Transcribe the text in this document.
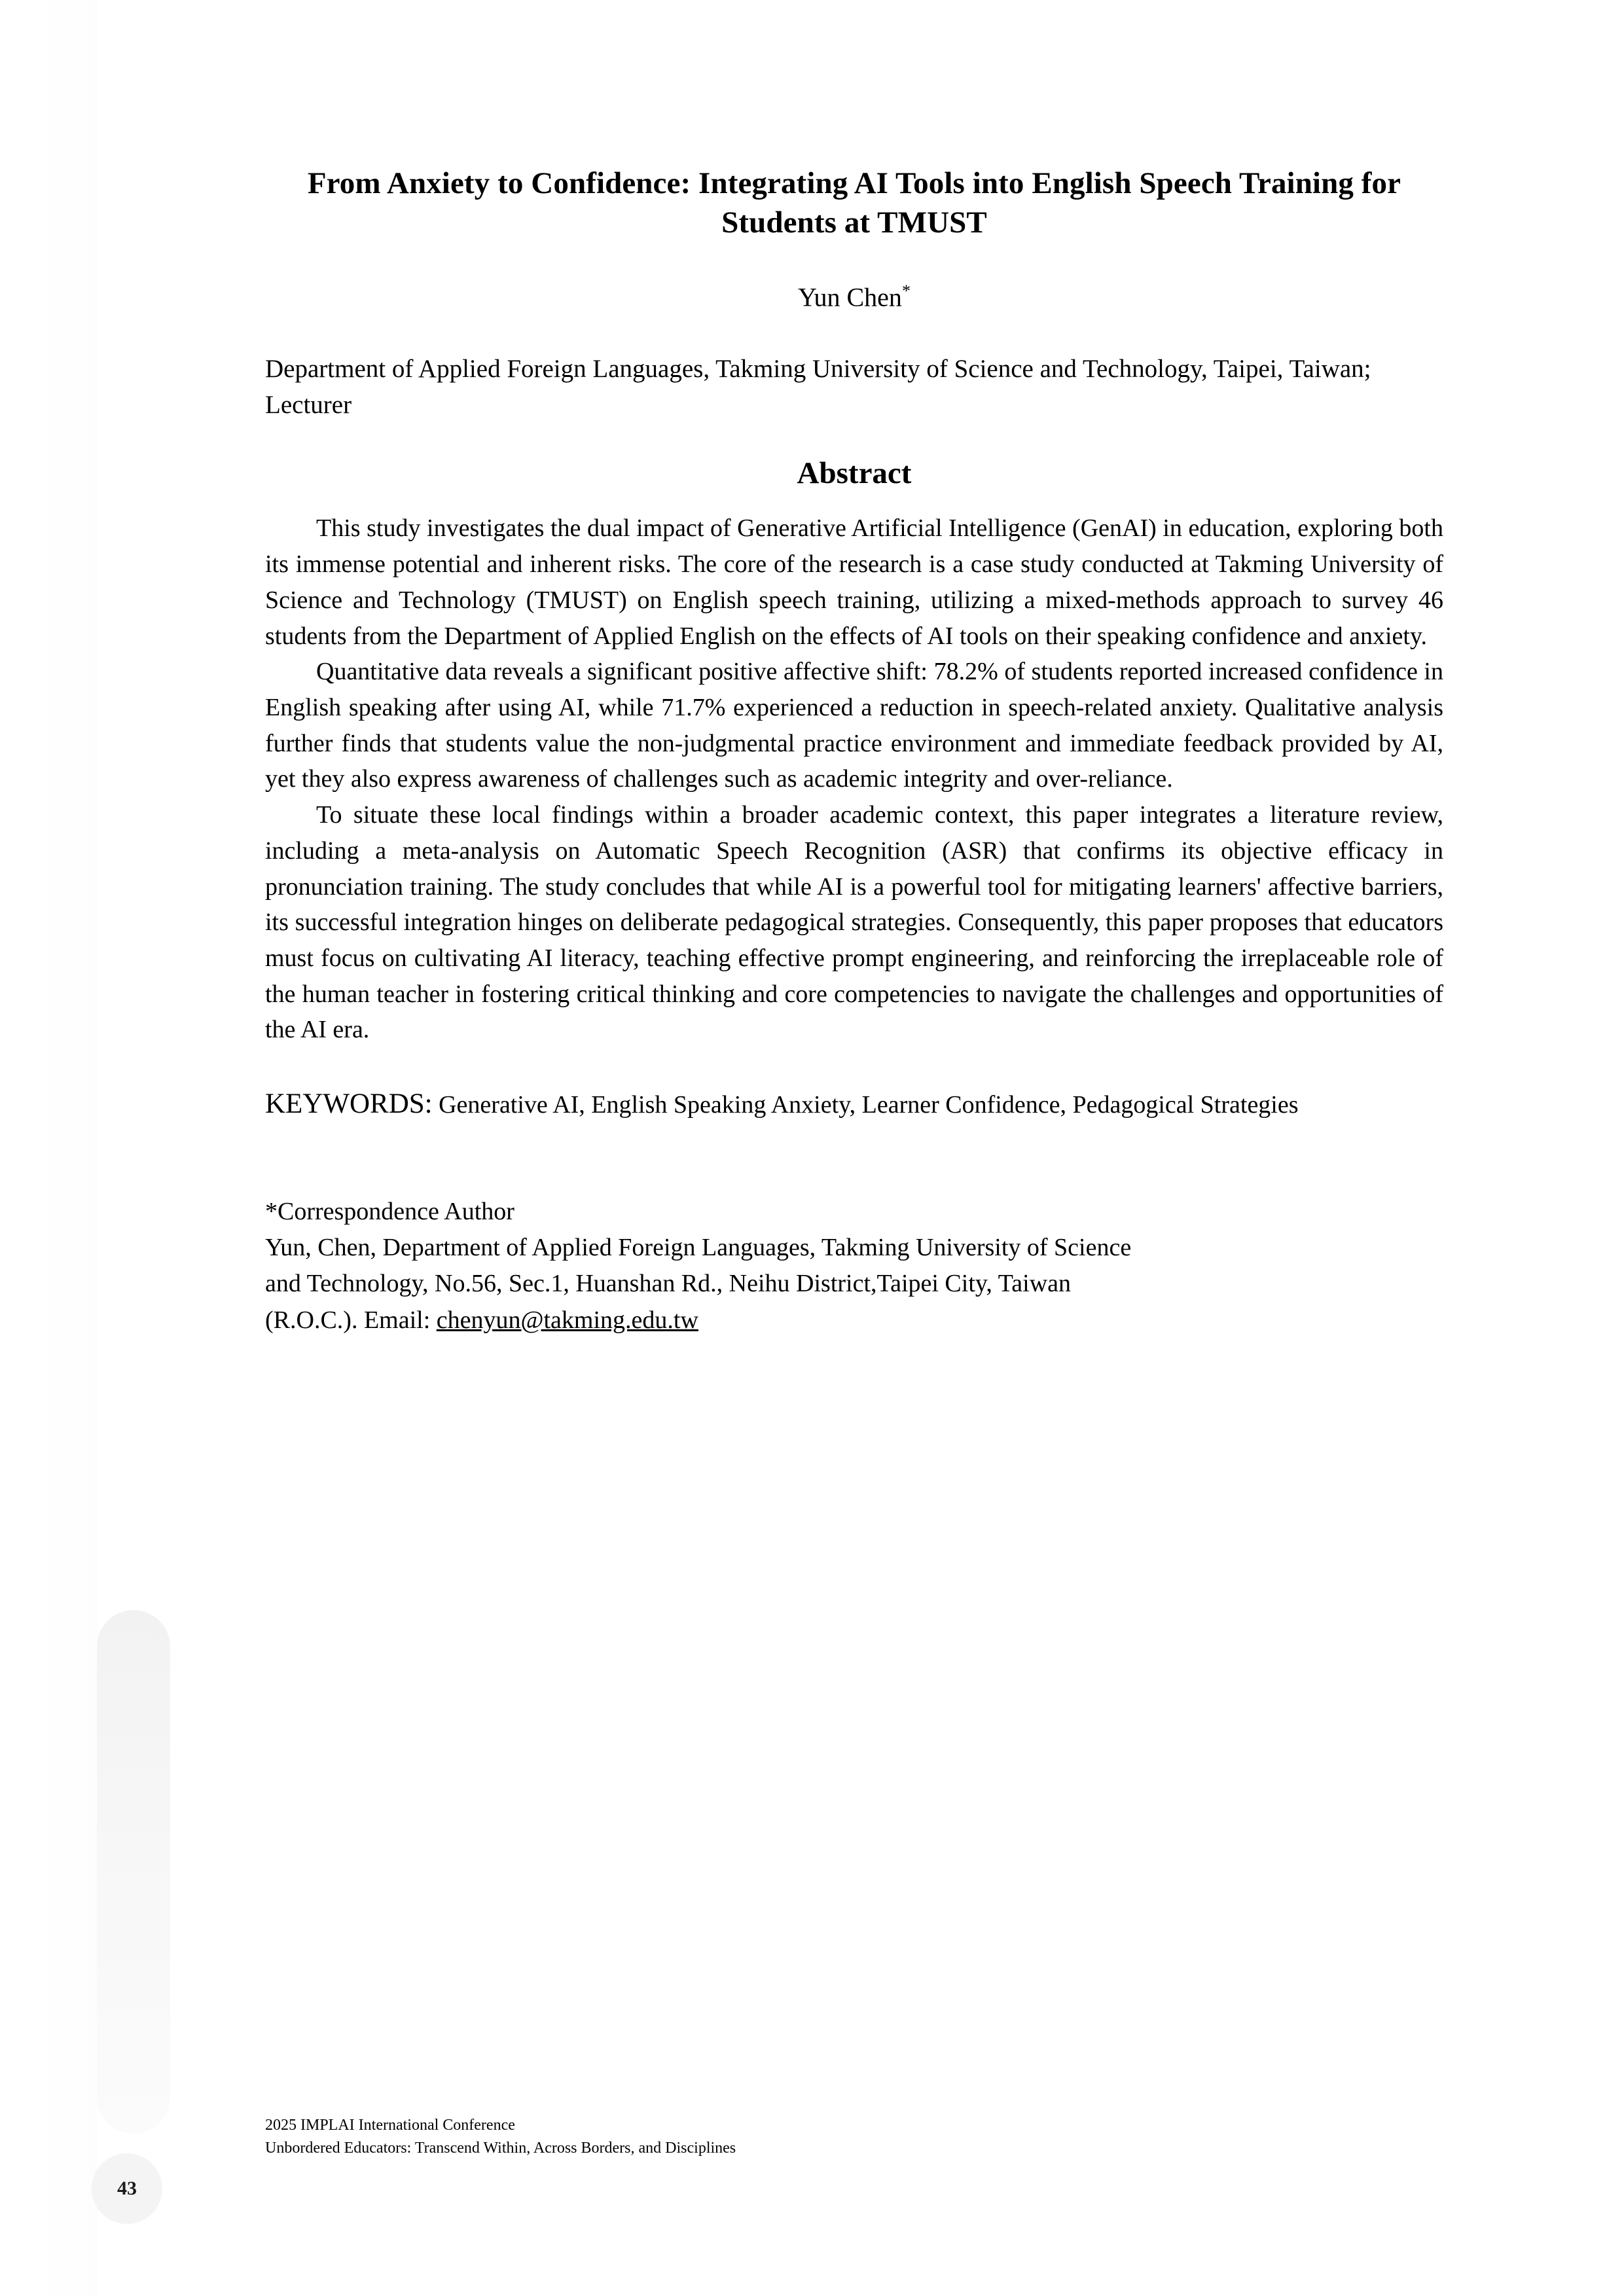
43
From Anxiety to Confidence: Integrating AI Tools into English Speech Training for Students at TMUST
Yun Chen*
Department of Applied Foreign Languages, Takming University of Science and Technology, Taipei, Taiwan; Lecturer
Abstract

This study investigates the dual impact of Generative Artificial Intelligence (GenAI) in education, exploring both its immense potential and inherent risks. The core of the research is a case study conducted at Takming University of Science and Technology (TMUST) on English speech training, utilizing a mixed-methods approach to survey 46 students from the Department of Applied English on the effects of AI tools on their speaking confidence and anxiety.

Quantitative data reveals a significant positive affective shift: 78.2% of students reported increased confidence in English speaking after using AI, while 71.7% experienced a reduction in speech-related anxiety. Qualitative analysis further finds that students value the non-judgmental practice environment and immediate feedback provided by AI, yet they also express awareness of challenges such as academic integrity and over-reliance.

To situate these local findings within a broader academic context, this paper integrates a literature review, including a meta-analysis on Automatic Speech Recognition (ASR) that confirms its objective efficacy in pronunciation training. The study concludes that while AI is a powerful tool for mitigating learners' affective barriers, its successful integration hinges on deliberate pedagogical strategies. Consequently, this paper proposes that educators must focus on cultivating AI literacy, teaching effective prompt engineering, and reinforcing the irreplaceable role of the human teacher in fostering critical thinking and core competencies to navigate the challenges and opportunities of the AI era.

KEYWORDS: Generative AI, English Speaking Anxiety, Learner Confidence, Pedagogical Strategies
*Correspondence Author
Yun, Chen, Department of Applied Foreign Languages, Takming University of Science
and Technology, No.56, Sec.1, Huanshan Rd., Neihu District,Taipei City, Taiwan
(R.O.C.). Email: chenyun@takming.edu.tw
2025 IMPLAI International Conference
Unbordered Educators: Transcend Within, Across Borders, and Disciplines
